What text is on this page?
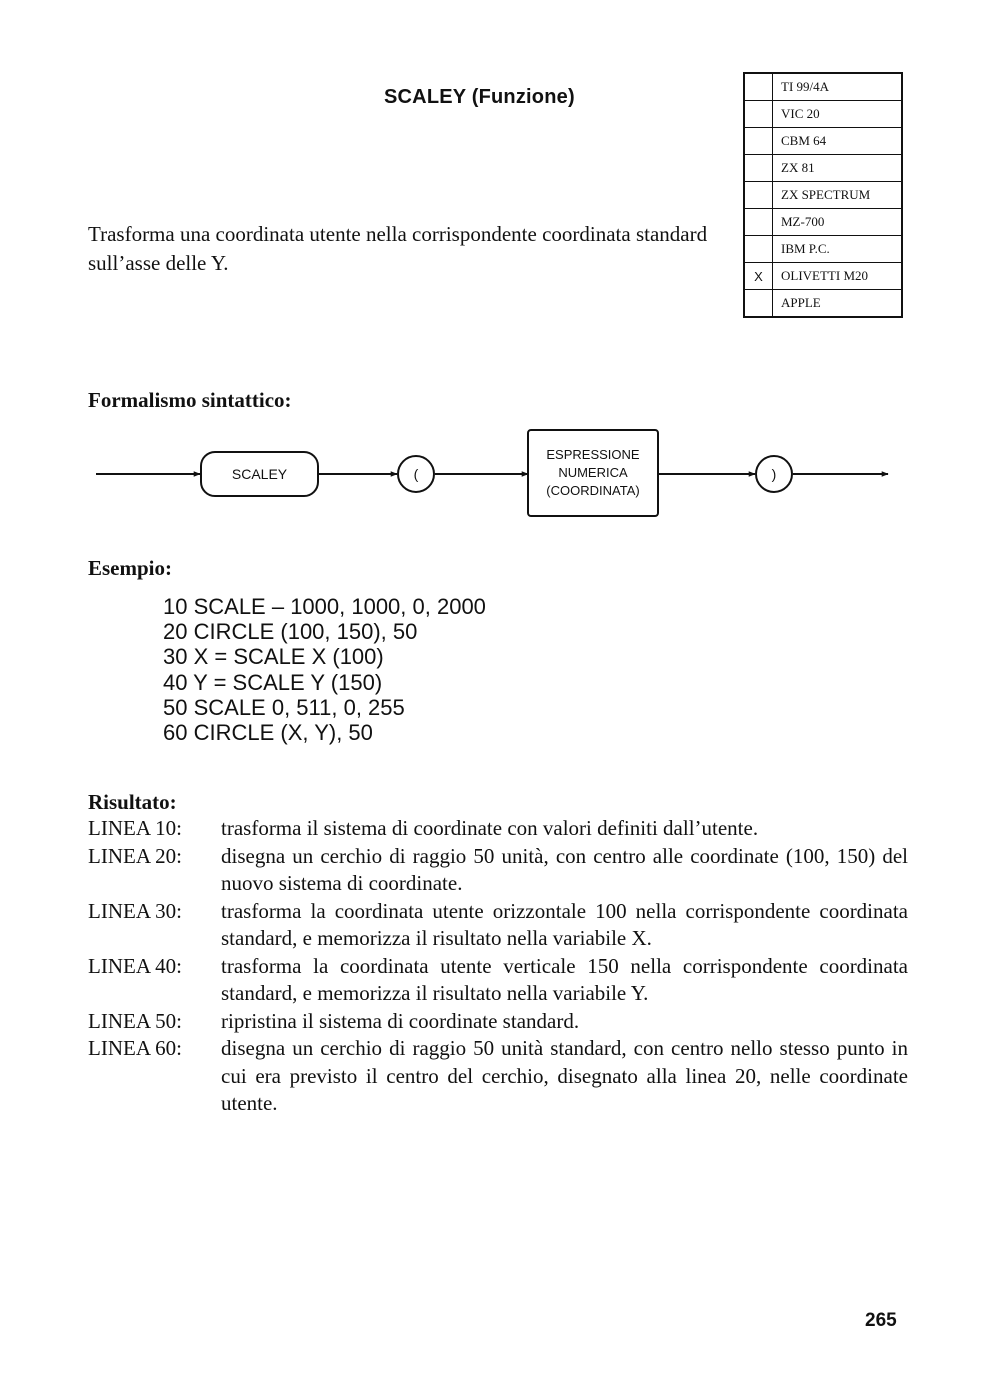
SCALEY (Funzione)
Trasforma una coordinata utente nella corrispondente coordinata standard sull’asse delle Y.
	TI 99/4A
	VIC 20
	CBM 64
	ZX 81
	ZX SPECTRUM
	MZ-700
	IBM P.C.
X	OLIVETTI M20
	APPLE
Formalismo sintattico:
SCALEY	(
ESPRESSIONE
NUMERICA
(COORDINATA)
)
Esempio:
10 SCALE – 1000, 1000, 0, 2000
20 CIRCLE (100, 150), 50
30 X = SCALE X (100)
40 Y = SCALE Y (150)
50 SCALE 0, 511, 0, 255
60 CIRCLE (X, Y), 50
Risultato:
LINEA 10:	trasforma il sistema di coordinate con valori definiti dall’utente.
LINEA 20:	disegna un cerchio di raggio 50 unità, con centro alle coordinate (100, 150) del nuovo sistema di coordinate.
LINEA 30:	trasforma la coordinata utente orizzontale 100 nella corrispondente coordinata standard, e memorizza il risultato nella variabile X.
LINEA 40:	trasforma la coordinata utente verticale 150 nella corrispondente coordinata standard, e memorizza il risultato nella variabile Y.
LINEA 50:	ripristina il sistema di coordinate standard.
LINEA 60:	disegna un cerchio di raggio 50 unità standard, con centro nello stesso punto in cui era previsto il centro del cerchio, disegnato alla linea 20, nelle coordinate utente.
265
